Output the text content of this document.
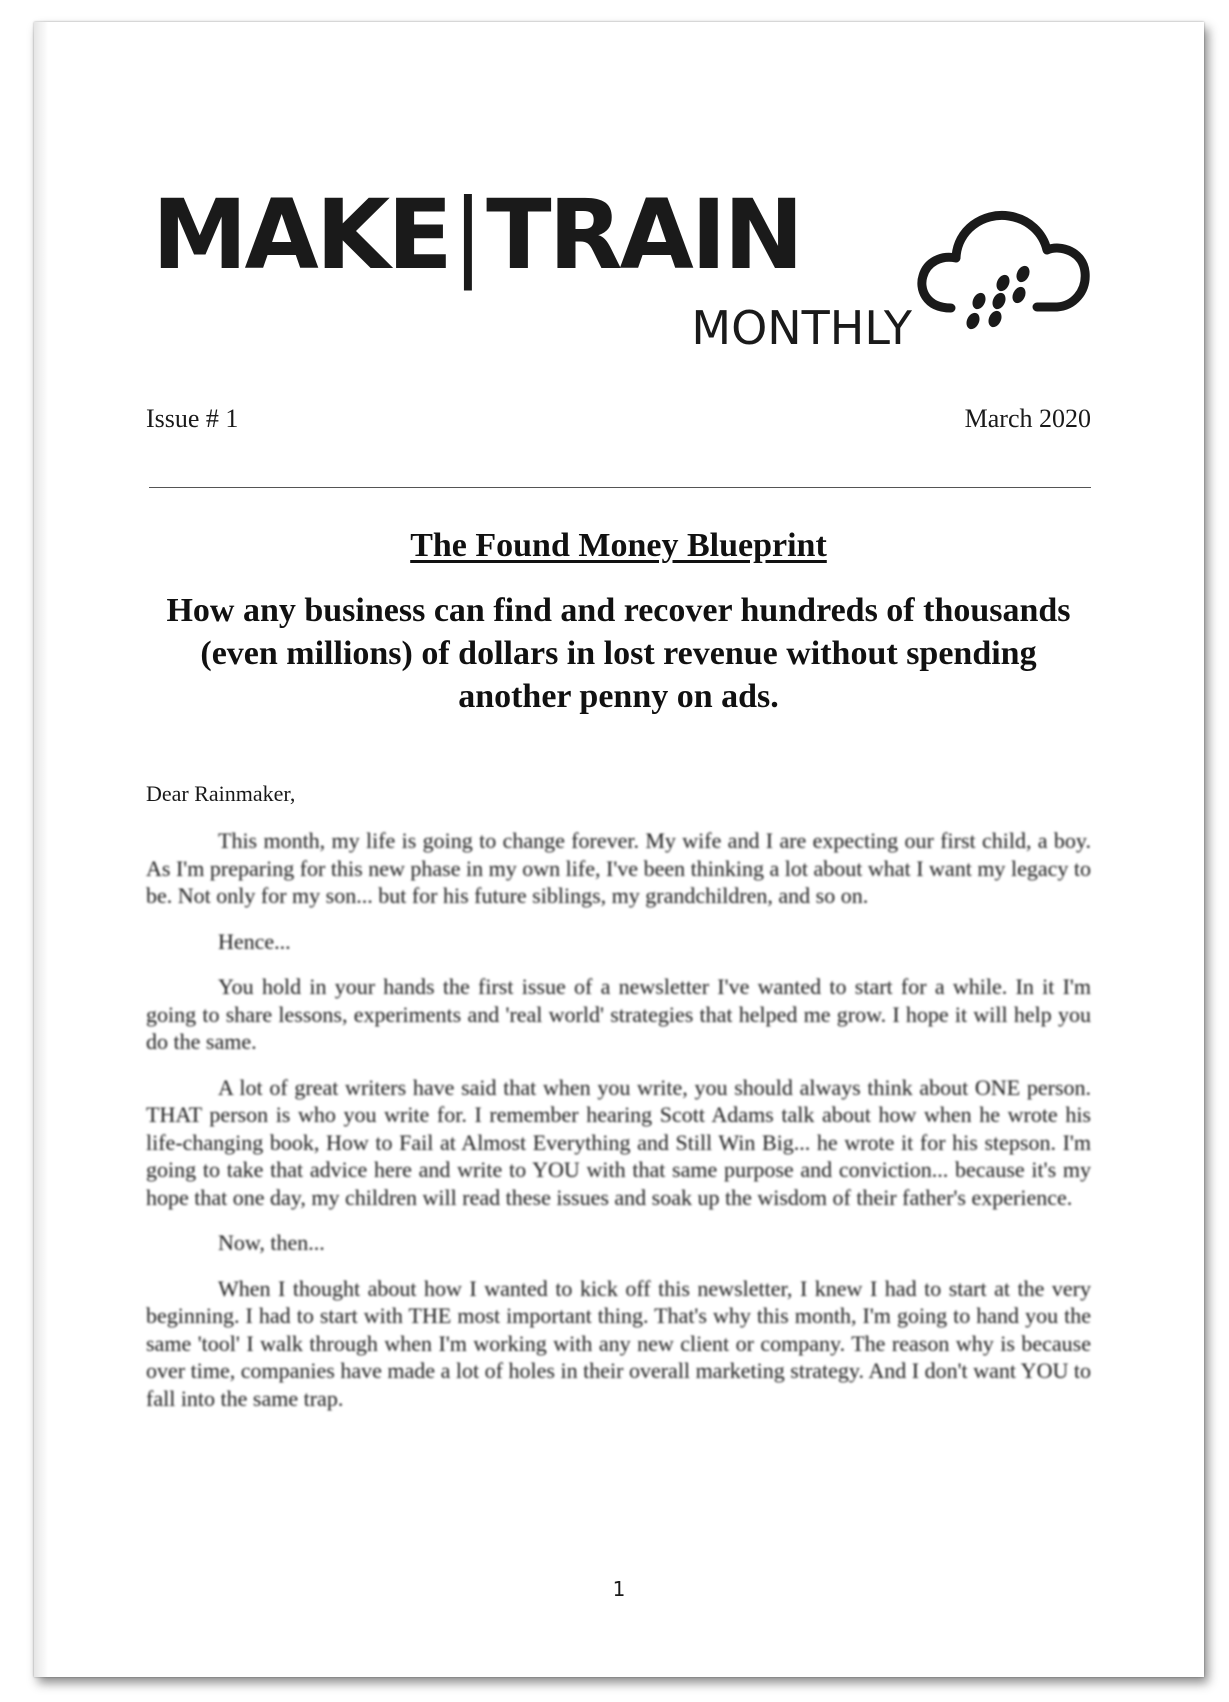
MAKE|TRAIN
MONTHLY
Issue # 1	March 2020
The Found Money Blueprint
How any business can find and recover hundreds of thousands (even millions) of dollars in lost revenue without spending another penny on ads.

Dear Rainmaker,

This month, my life is going to change forever. My wife and I are expecting our first child, a boy. As I'm preparing for this new phase in my own life, I've been thinking a lot about what I want my legacy to be. Not only for my son... but for his future siblings, my grandchildren, and so on.

Hence...

You hold in your hands the first issue of a newsletter I've wanted to start for a while. In it I'm going to share lessons, experiments and 'real world' strategies that helped me grow. I hope it will help you do the same.

A lot of great writers have said that when you write, you should always think about ONE person. THAT person is who you write for. I remember hearing Scott Adams talk about how when he wrote his life-changing book, How to Fail at Almost Everything and Still Win Big... he wrote it for his stepson. I'm going to take that advice here and write to YOU with that same purpose and conviction... because it's my hope that one day, my children will read these issues and soak up the wisdom of their father's experience.

Now, then...

When I thought about how I wanted to kick off this newsletter, I knew I had to start at the very beginning. I had to start with THE most important thing. That's why this month, I'm going to hand you the same 'tool' I walk through when I'm working with any new client or company. The reason why is because over time, companies have made a lot of holes in their overall marketing strategy. And I don't want YOU to fall into the same trap.

1
